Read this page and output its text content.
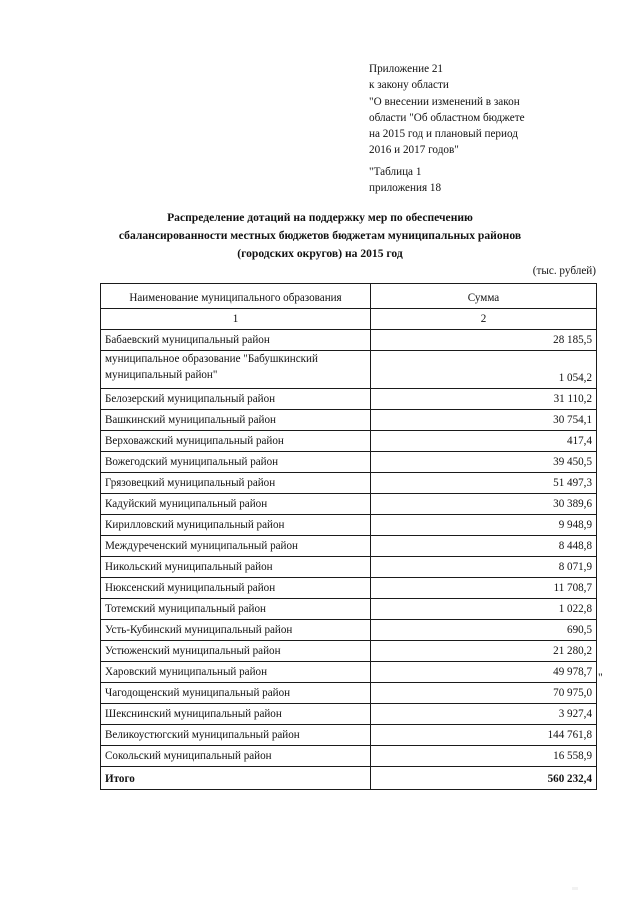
Приложение 21
к закону области
"О внесении изменений в закон
области "Об областном бюджете
на 2015 год и плановый период
2016 и 2017 годов"
"Таблица 1
приложения 18
Распределение дотаций на поддержку мер по обеспечению
сбалансированности местных бюджетов бюджетам муниципальных районов
(городских округов) на 2015 год
(тыс. рублей)
Наименование муниципального образования	Сумма
1	2
Бабаевский муниципальный район	28 185,5
муниципальное образование "Бабушкинский муниципальный район"	1 054,2
Белозерский муниципальный район	31 110,2
Вашкинский муниципальный район	30 754,1
Верховажский муниципальный район	417,4
Вожегодский муниципальный район	39 450,5
Грязовецкий муниципальный район	51 497,3
Кадуйский муниципальный район	30 389,6
Кирилловский муниципальный район	9 948,9
Междуреченский муниципальный район	8 448,8
Никольский муниципальный район	8 071,9
Нюксенский муниципальный район	11 708,7
Тотемский муниципальный район	1 022,8
Усть-Кубинский муниципальный район	690,5
Устюженский муниципальный район	21 280,2
Харовский муниципальный район	49 978,7
Чагодощенский муниципальный район	70 975,0
Шекснинский муниципальный район	3 927,4
Великоустюгский муниципальный район	144 761,8
Сокольский муниципальный район	16 558,9
Итого	560 232,4
"
